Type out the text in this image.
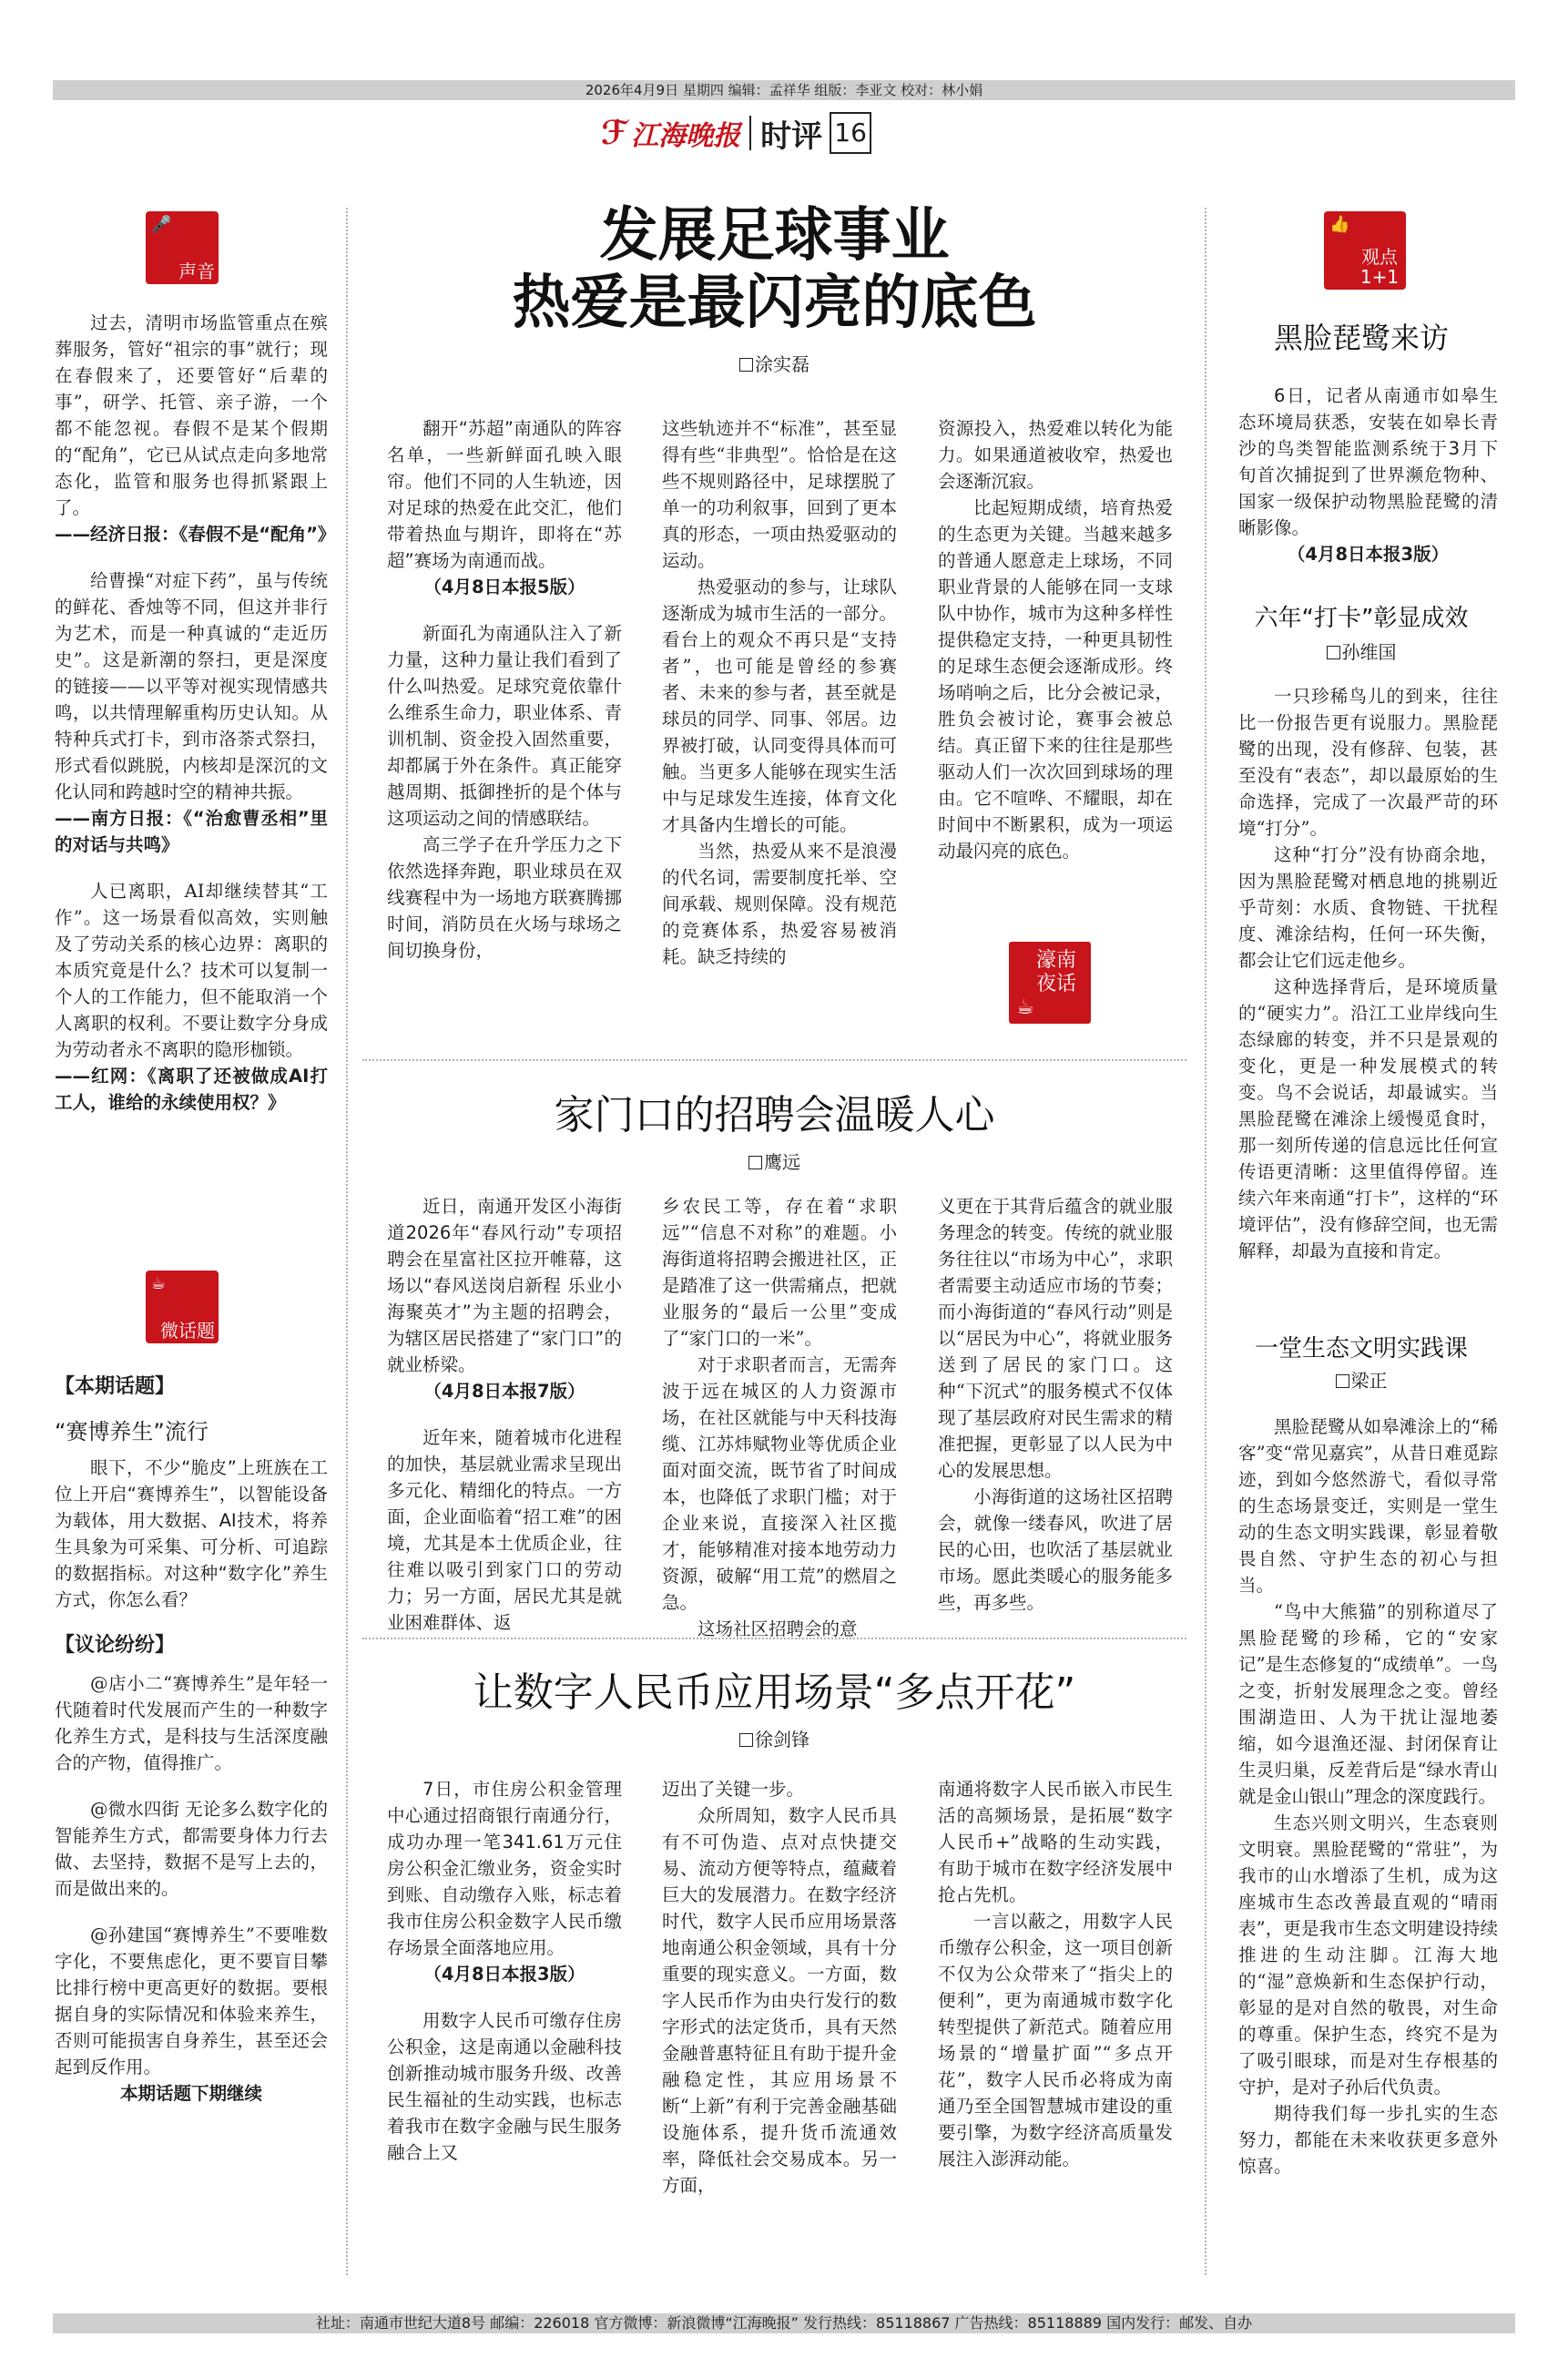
2026年4月9日 星期四 编辑：孟祥华 组版：李亚文 校对：林小娟
ℱ 江海晚报 时评 16
🎤
声音

过去，清明市场监管重点在殡葬服务，管好“祖宗的事”就行；现在春假来了，还要管好“后辈的事”，研学、托管、亲子游，一个都不能忽视。春假不是某个假期的“配角”，它已从试点走向多地常态化，监管和服务也得抓紧跟上了。

——经济日报：《春假不是“配角”》

给曹操“对症下药”，虽与传统的鲜花、香烛等不同，但这并非行为艺术，而是一种真诚的“走近历史”。这是新潮的祭扫，更是深度的链接——以平等对视实现情感共鸣，以共情理解重构历史认知。从特种兵式打卡，到市洛荼式祭扫，形式看似跳脱，内核却是深沉的文化认同和跨越时空的精神共振。

——南方日报：《“治愈曹丞相”里的对话与共鸣》

人已离职，AI却继续替其“工作”。这一场景看似高效，实则触及了劳动关系的核心边界：离职的本质究竟是什么？技术可以复制一个人的工作能力，但不能取消一个人离职的权利。不要让数字分身成为劳动者永不离职的隐形枷锁。

——红网：《离职了还被做成AI打工人，谁给的永续使用权？》

☕
微话题
【本期话题】
“赛博养生”流行

眼下，不少“脆皮”上班族在工位上开启“赛博养生”，以智能设备为载体，用大数据、AI技术，将养生具象为可采集、可分析、可追踪的数据指标。对这种“数字化”养生方式，你怎么看？

【议论纷纷】

@店小二“赛博养生”是年轻一代随着时代发展而产生的一种数字化养生方式，是科技与生活深度融合的产物，值得推广。

@微水四街 无论多么数字化的智能养生方式，都需要身体力行去做、去坚持，数据不是写上去的，而是做出来的。

@孙建国“赛博养生”不要唯数字化，不要焦虑化，更不要盲目攀比排行榜中更高更好的数据。要根据自身的实际情况和体验来养生，否则可能损害自身养生，甚至还会起到反作用。

本期话题下期继续

发展足球事业
热爱是最闪亮的底色
涂实磊

翻开“苏超”南通队的阵容名单，一些新鲜面孔映入眼帘。他们不同的人生轨迹，因对足球的热爱在此交汇，他们带着热血与期许，即将在“苏超”赛场为南通而战。

（4月8日本报5版）

新面孔为南通队注入了新力量，这种力量让我们看到了什么叫热爱。足球究竟依靠什么维系生命力，职业体系、青训机制、资金投入固然重要，却都属于外在条件。真正能穿越周期、抵御挫折的是个体与这项运动之间的情感联结。

高三学子在升学压力之下依然选择奔跑，职业球员在双线赛程中为一场地方联赛腾挪时间，消防员在火场与球场之间切换身份，

这些轨迹并不“标准”，甚至显得有些“非典型”。恰恰是在这些不规则路径中，足球摆脱了单一的功利叙事，回到了更本真的形态，一项由热爱驱动的运动。

热爱驱动的参与，让球队逐渐成为城市生活的一部分。看台上的观众不再只是“支持者”，也可能是曾经的参赛者、未来的参与者，甚至就是球员的同学、同事、邻居。边界被打破，认同变得具体而可触。当更多人能够在现实生活中与足球发生连接，体育文化才具备内生增长的可能。

当然，热爱从来不是浪漫的代名词，需要制度托举、空间承载、规则保障。没有规范的竞赛体系，热爱容易被消耗。缺乏持续的

资源投入，热爱难以转化为能力。如果通道被收窄，热爱也会逐渐沉寂。

比起短期成绩，培育热爱的生态更为关键。当越来越多的普通人愿意走上球场，不同职业背景的人能够在同一支球队中协作，城市为这种多样性提供稳定支持，一种更具韧性的足球生态便会逐渐成形。终场哨响之后，比分会被记录，胜负会被讨论，赛事会被总结。真正留下来的往往是那些驱动人们一次次回到球场的理由。它不喧哗、不耀眼，却在时间中不断累积，成为一项运动最闪亮的底色。

濠南夜话
☕
家门口的招聘会温暖人心
鹰远

近日，南通开发区小海街道2026年“春风行动”专项招聘会在星富社区拉开帷幕，这场以“春风送岗启新程 乐业小海聚英才”为主题的招聘会，为辖区居民搭建了“家门口”的就业桥梁。

（4月8日本报7版）

近年来，随着城市化进程的加快，基层就业需求呈现出多元化、精细化的特点。一方面，企业面临着“招工难”的困境，尤其是本土优质企业，往往难以吸引到家门口的劳动力；另一方面，居民尤其是就业困难群体、返

乡农民工等，存在着“求职远”“信息不对称”的难题。小海街道将招聘会搬进社区，正是踏准了这一供需痛点，把就业服务的“最后一公里”变成了“家门口的一米”。

对于求职者而言，无需奔波于远在城区的人力资源市场，在社区就能与中天科技海缆、江苏炜赋物业等优质企业面对面交流，既节省了时间成本，也降低了求职门槛；对于企业来说，直接深入社区揽才，能够精准对接本地劳动力资源，破解“用工荒”的燃眉之急。

这场社区招聘会的意

义更在于其背后蕴含的就业服务理念的转变。传统的就业服务往往以“市场为中心”，求职者需要主动适应市场的节奏；而小海街道的“春风行动”则是以“居民为中心”，将就业服务送到了居民的家门口。这种“下沉式”的服务模式不仅体现了基层政府对民生需求的精准把握，更彰显了以人民为中心的发展思想。

小海街道的这场社区招聘会，就像一缕春风，吹进了居民的心田，也吹活了基层就业市场。愿此类暖心的服务能多些，再多些。

让数字人民币应用场景“多点开花”
徐剑锋

7日，市住房公积金管理中心通过招商银行南通分行，成功办理一笔341.61万元住房公积金汇缴业务，资金实时到账、自动缴存入账，标志着我市住房公积金数字人民币缴存场景全面落地应用。

（4月8日本报3版）

用数字人民币可缴存住房公积金，这是南通以金融科技创新推动城市服务升级、改善民生福祉的生动实践，也标志着我市在数字金融与民生服务融合上又

迈出了关键一步。

众所周知，数字人民币具有不可伪造、点对点快捷交易、流动方便等特点，蕴藏着巨大的发展潜力。在数字经济时代，数字人民币应用场景落地南通公积金领域，具有十分重要的现实意义。一方面，数字人民币作为由央行发行的数字形式的法定货币，具有天然金融普惠特征且有助于提升金融稳定性，其应用场景不断“上新”有利于完善金融基础设施体系，提升货币流通效率，降低社会交易成本。另一方面，

南通将数字人民币嵌入市民生活的高频场景，是拓展“数字人民币+”战略的生动实践，有助于城市在数字经济发展中抢占先机。

一言以蔽之，用数字人民币缴存公积金，这一项目创新不仅为公众带来了“指尖上的便利”，更为南通城市数字化转型提供了新范式。随着应用场景的“增量扩面”“多点开花”，数字人民币必将成为南通乃至全国智慧城市建设的重要引擎，为数字经济高质量发展注入澎湃动能。

👍
观点1+1
黑脸琵鹭来访

6日，记者从南通市如皋生态环境局获悉，安装在如皋长青沙的鸟类智能监测系统于3月下旬首次捕捉到了世界濒危物种、国家一级保护动物黑脸琵鹭的清晰影像。

（4月8日本报3版）

六年“打卡”彰显成效
孙维国

一只珍稀鸟儿的到来，往往比一份报告更有说服力。黑脸琵鹭的出现，没有修辞、包装，甚至没有“表态”，却以最原始的生命选择，完成了一次最严苛的环境“打分”。

这种“打分”没有协商余地，因为黑脸琵鹭对栖息地的挑剔近乎苛刻：水质、食物链、干扰程度、滩涂结构，任何一环失衡，都会让它们远走他乡。

这种选择背后，是环境质量的“硬实力”。沿江工业岸线向生态绿廊的转变，并不只是景观的变化，更是一种发展模式的转变。鸟不会说话，却最诚实。当黑脸琵鹭在滩涂上缓慢觅食时，那一刻所传递的信息远比任何宣传语更清晰：这里值得停留。连续六年来南通“打卡”，这样的“环境评估”，没有修辞空间，也无需解释，却最为直接和肯定。

一堂生态文明实践课
梁正

黑脸琵鹭从如皋滩涂上的“稀客”变“常见嘉宾”，从昔日难觅踪迹，到如今悠然游弋，看似寻常的生态场景变迁，实则是一堂生动的生态文明实践课，彰显着敬畏自然、守护生态的初心与担当。

“鸟中大熊猫”的别称道尽了黑脸琵鹭的珍稀，它的“安家记”是生态修复的“成绩单”。一鸟之变，折射发展理念之变。曾经围湖造田、人为干扰让湿地萎缩，如今退渔还湿、封闭保育让生灵归巢，反差背后是“绿水青山就是金山银山”理念的深度践行。

生态兴则文明兴，生态衰则文明衰。黑脸琵鹭的“常驻”，为我市的山水增添了生机，成为这座城市生态改善最直观的“晴雨表”，更是我市生态文明建设持续推进的生动注脚。江海大地的“湿”意焕新和生态保护行动，彰显的是对自然的敬畏，对生命的尊重。保护生态，终究不是为了吸引眼球，而是对生存根基的守护，是对子孙后代负责。

期待我们每一步扎实的生态努力，都能在未来收获更多意外惊喜。

社址：南通市世纪大道8号 邮编：226018 官方微博：新浪微博“江海晚报” 发行热线：85118867 广告热线：85118889 国内发行：邮发、自办
